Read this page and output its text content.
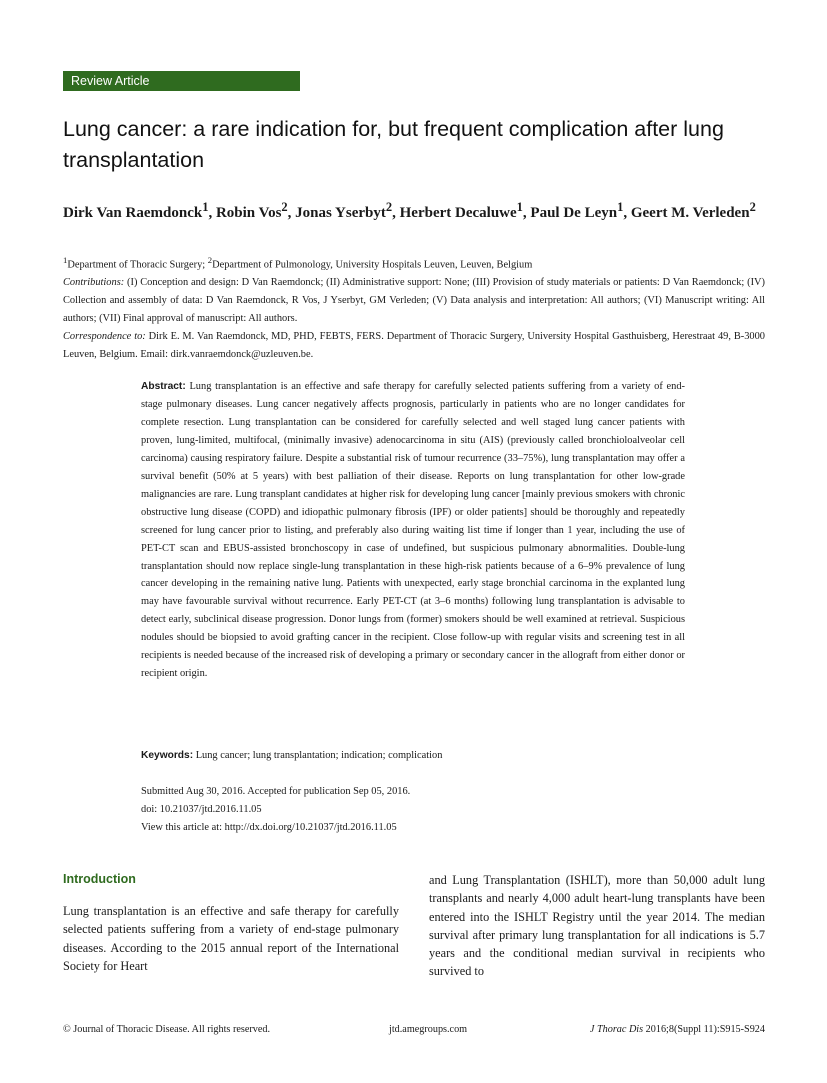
Review Article
Lung cancer: a rare indication for, but frequent complication after lung transplantation
Dirk Van Raemdonck$^1$, Robin Vos$^2$, Jonas Yserbyt$^2$, Herbert Decaluwe$^1$, Paul De Leyn$^1$, Geert M. Verleden$^2$

$^1$Department of Thoracic Surgery; $^2$Department of Pulmonology, University Hospitals Leuven, Leuven, Belgium

Contributions: (I) Conception and design: D Van Raemdonck; (II) Administrative support: None; (III) Provision of study materials or patients: D Van Raemdonck; (IV) Collection and assembly of data: D Van Raemdonck, R Vos, J Yserbyt, GM Verleden; (V) Data analysis and interpretation: All authors; (VI) Manuscript writing: All authors; (VII) Final approval of manuscript: All authors.

Correspondence to: Dirk E. M. Van Raemdonck, MD, PHD, FEBTS, FERS. Department of Thoracic Surgery, University Hospital Gasthuisberg, Herestraat 49, B-3000 Leuven, Belgium. Email: dirk.vanraemdonck@uzleuven.be.

Abstract: Lung transplantation is an effective and safe therapy for carefully selected patients suffering from a variety of end-stage pulmonary diseases. Lung cancer negatively affects prognosis, particularly in patients who are no longer candidates for complete resection. Lung transplantation can be considered for carefully selected and well staged lung cancer patients with proven, lung-limited, multifocal, (minimally invasive) adenocarcinoma in situ (AIS) (previously called bronchioloalveolar cell carcinoma) causing respiratory failure. Despite a substantial risk of tumour recurrence (33–75%), lung transplantation may offer a survival benefit (50% at 5 years) with best palliation of their disease. Reports on lung transplantation for other low-grade malignancies are rare. Lung transplant candidates at higher risk for developing lung cancer [mainly previous smokers with chronic obstructive lung disease (COPD) and idiopathic pulmonary fibrosis (IPF) or older patients] should be thoroughly and repeatedly screened for lung cancer prior to listing, and preferably also during waiting list time if longer than 1 year, including the use of PET-CT scan and EBUS-assisted bronchoscopy in case of undefined, but suspicious pulmonary abnormalities. Double-lung transplantation should now replace single-lung transplantation in these high-risk patients because of a 6–9% prevalence of lung cancer developing in the remaining native lung. Patients with unexpected, early stage bronchial carcinoma in the explanted lung may have favourable survival without recurrence. Early PET-CT (at 3–6 months) following lung transplantation is advisable to detect early, subclinical disease progression. Donor lungs from (former) smokers should be well examined at retrieval. Suspicious nodules should be biopsied to avoid grafting cancer in the recipient. Close follow-up with regular visits and screening test in all recipients is needed because of the increased risk of developing a primary or secondary cancer in the allograft from either donor or recipient origin.

Keywords: Lung cancer; lung transplantation; indication; complication

Submitted Aug 30, 2016. Accepted for publication Sep 05, 2016.
doi: 10.21037/jtd.2016.11.05
View this article at: http://dx.doi.org/10.21037/jtd.2016.11.05
Introduction

Lung transplantation is an effective and safe therapy for carefully selected patients suffering from a variety of end-stage pulmonary diseases. According to the 2015 annual report of the International Society for Heart

and Lung Transplantation (ISHLT), more than 50,000 adult lung transplants and nearly 4,000 adult heart-lung transplants have been entered into the ISHLT Registry until the year 2014. The median survival after primary lung transplantation for all indications is 5.7 years and the conditional median survival in recipients who survived to

© Journal of Thoracic Disease. All rights reserved.	jtd.amegroups.com	J Thorac Dis 2016;8(Suppl 11):S915-S924
